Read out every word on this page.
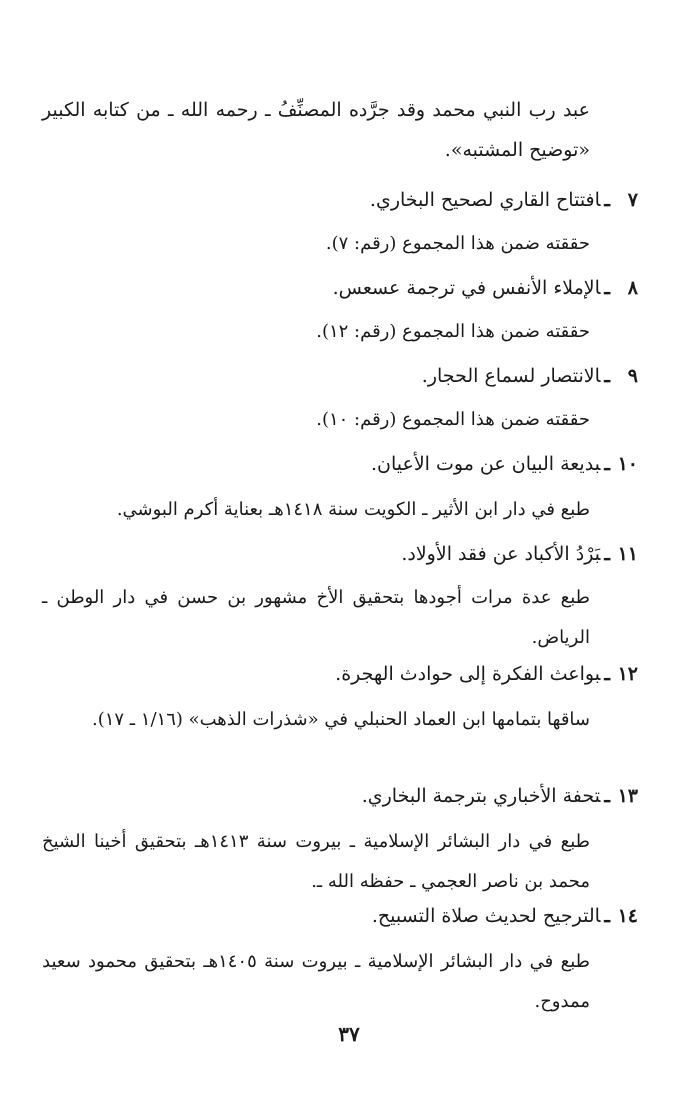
عبد رب النبي محمد وقد جرَّده المصنِّفُ ـ رحمه الله ـ من كتابه الكبير «توضيح المشتبه».

٧ـافتتاح القاري لصحيح البخاري.

حققته ضمن هذا المجموع (رقم: ٧).

٨ـالإملاء الأنفس في ترجمة عسعس.

حققته ضمن هذا المجموع (رقم: ١٢).

٩ـالانتصار لسماع الحجار.

حققته ضمن هذا المجموع (رقم: ١٠).

١٠ـبديعة البيان عن موت الأعيان.

طبع في دار ابن الأثير ـ الكويت سنة ١٤١٨هـ بعناية أكرم البوشي.

١١ـبَرْدُ الأكباد عن فقد الأولاد.

طبع عدة مرات أجودها بتحقيق الأخ مشهور بن حسن في دار الوطن ـ الرياض.

١٢ـبواعث الفكرة إلى حوادث الهجرة.

ساقها بتمامها ابن العماد الحنبلي في «شذرات الذهب» (١/١٦ ـ ١٧).

١٣ـتحفة الأخباري بترجمة البخاري.

طبع في دار البشائر الإسلامية ـ بيروت سنة ١٤١٣هـ بتحقيق أخينا الشيخ محمد بن ناصر العجمي ـ حفظه الله ـ.

١٤ـالترجيح لحديث صلاة التسبيح.

طبع في دار البشائر الإسلامية ـ بيروت سنة ١٤٠٥هـ بتحقيق محمود سعيد ممدوح.

٣٧
